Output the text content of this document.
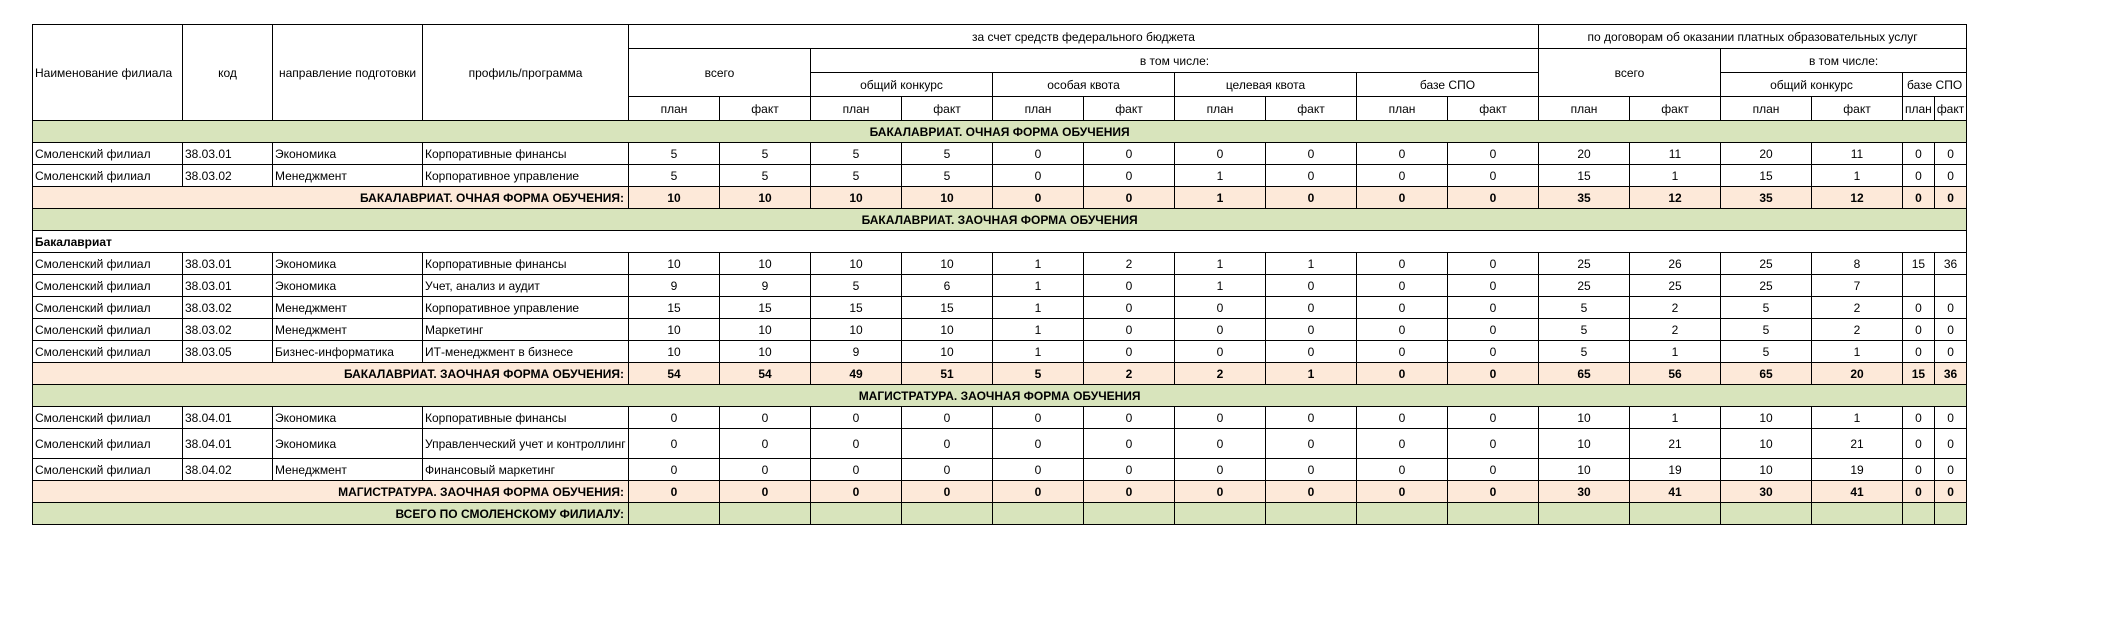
Наименование филиала	код	направление подготовки	профиль/программа	за счет средств федерального бюджета										по договорам об оказании платных образовательных услуг					
				всего		в том числе:								всего		в том числе:			
						общий конкурс		особая квота		целевая квота		базе СПО				общий конкурс		базе СПО	
				план	факт	план	факт	план	факт	план	факт	план	факт	план	факт	план	факт	план	факт
БАКАЛАВРИАТ. ОЧНАЯ ФОРМА ОБУЧЕНИЯ																			
Смоленский филиал	38.03.01	Экономика	Корпоративные финансы	5	5	5	5	0	0	0	0	0	0	20	11	20	11	0	0
Смоленский филиал	38.03.02	Менеджмент	Корпоративное управление	5	5	5	5	0	0	1	0	0	0	15	1	15	1	0	0
БАКАЛАВРИАТ. ОЧНАЯ ФОРМА ОБУЧЕНИЯ:				10	10	10	10	0	0	1	0	0	0	35	12	35	12	0	0
БАКАЛАВРИАТ. ЗАОЧНАЯ ФОРМА ОБУЧЕНИЯ																			
Бакалавриат																			
Смоленский филиал	38.03.01	Экономика	Корпоративные финансы	10	10	10	10	1	2	1	1	0	0	25	26	25	8	15	36
Смоленский филиал	38.03.01	Экономика	Учет, анализ и аудит	9	9	5	6	1	0	1	0	0	0	25	25	25	7		
Смоленский филиал	38.03.02	Менеджмент	Корпоративное управление	15	15	15	15	1	0	0	0	0	0	5	2	5	2	0	0
Смоленский филиал	38.03.02	Менеджмент	Маркетинг	10	10	10	10	1	0	0	0	0	0	5	2	5	2	0	0
Смоленский филиал	38.03.05	Бизнес-информатика	ИТ-менеджмент в бизнесе	10	10	9	10	1	0	0	0	0	0	5	1	5	1	0	0
БАКАЛАВРИАТ. ЗАОЧНАЯ ФОРМА ОБУЧЕНИЯ:				54	54	49	51	5	2	2	1	0	0	65	56	65	20	15	36
МАГИСТРАТУРА. ЗАОЧНАЯ ФОРМА ОБУЧЕНИЯ																			
Смоленский филиал	38.04.01	Экономика	Корпоративные финансы	0	0	0	0	0	0	0	0	0	0	10	1	10	1	0	0
Смоленский филиал	38.04.01	Экономика	Управленческий учет и контроллинг	0	0	0	0	0	0	0	0	0	0	10	21	10	21	0	0
Смоленский филиал	38.04.02	Менеджмент	Финансовый маркетинг	0	0	0	0	0	0	0	0	0	0	10	19	10	19	0	0
МАГИСТРАТУРА. ЗАОЧНАЯ ФОРМА ОБУЧЕНИЯ:				0	0	0	0	0	0	0	0	0	0	30	41	30	41	0	0
ВСЕГО ПО СМОЛЕНСКОМУ ФИЛИАЛУ:																			
